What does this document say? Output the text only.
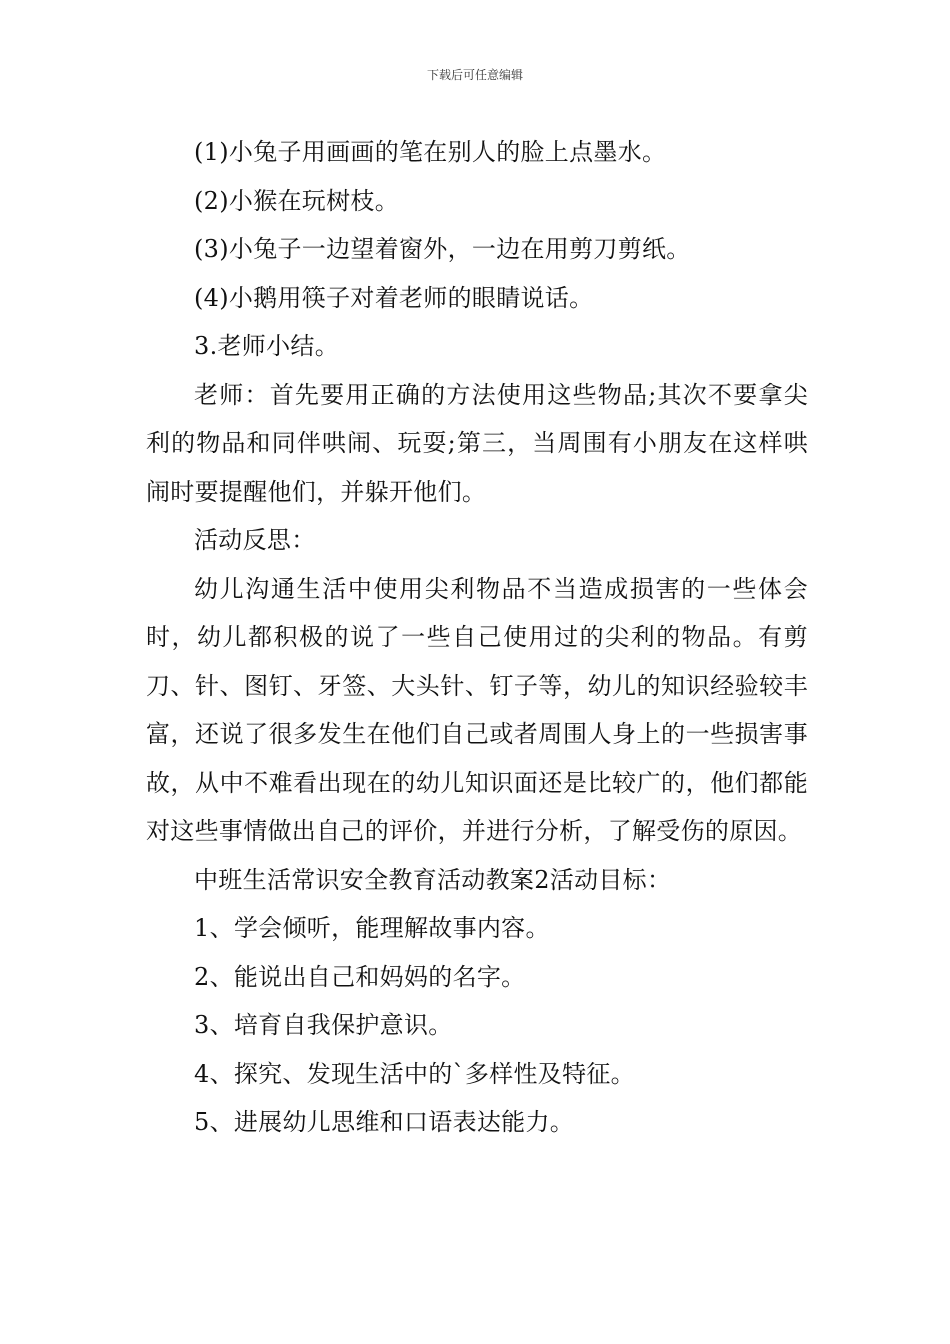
下载后可任意编辑

(1)小兔子用画画的笔在别人的脸上点墨水。

(2)小猴在玩树枝。

(3)小兔子一边望着窗外，一边在用剪刀剪纸。

(4)小鹅用筷子对着老师的眼睛说话。

3.老师小结。

老师：首先要用正确的方法使用这些物品;其次不要拿尖利的物品和同伴哄闹、玩耍;第三，当周围有小朋友在这样哄闹时要提醒他们，并躲开他们。

活动反思：

幼儿沟通生活中使用尖利物品不当造成损害的一些体会时，幼儿都积极的说了一些自己使用过的尖利的物品。有剪刀、针、图钉、牙签、大头针、钉子等，幼儿的知识经验较丰富，还说了很多发生在他们自己或者周围人身上的一些损害事故，从中不难看出现在的幼儿知识面还是比较广的，他们都能对这些事情做出自己的评价，并进行分析，了解受伤的原因。

中班生活常识安全教育活动教案2活动目标：

1、学会倾听，能理解故事内容。

2、能说出自己和妈妈的名字。

3、培育自我保护意识。

4、探究、发现生活中的`多样性及特征。

5、进展幼儿思维和口语表达能力。
